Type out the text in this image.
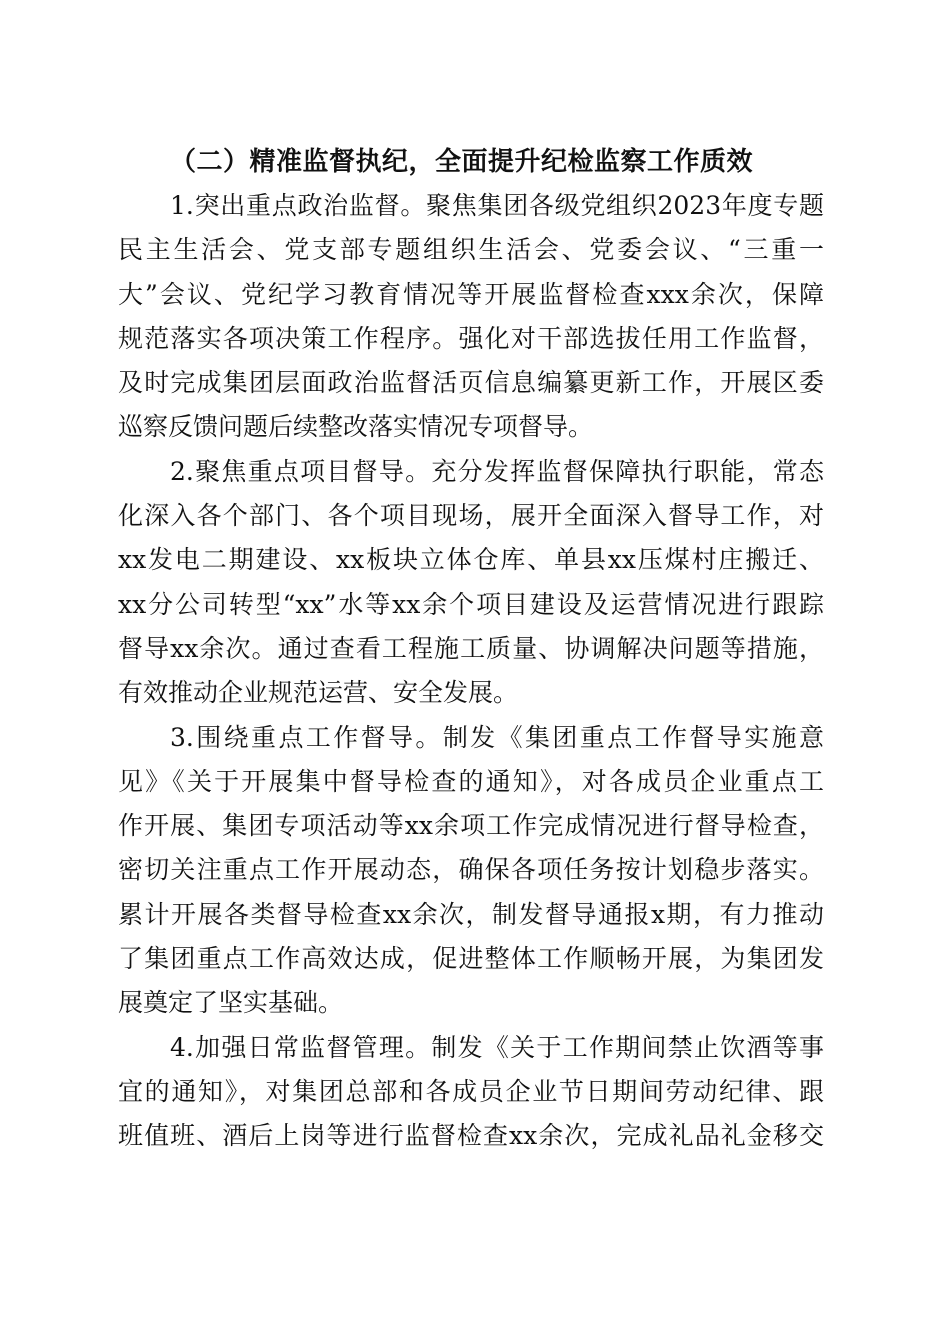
（二）精准监督执纪，全面提升纪检监察工作质效
1.突出重点政治监督。聚焦集团各级党组织2023年度专题
民主生活会、党支部专题组织生活会、党委会议、“三重一
大”会议、党纪学习教育情况等开展监督检查xxx余次，保障
规范落实各项决策工作程序。强化对干部选拔任用工作监督，
及时完成集团层面政治监督活页信息编纂更新工作，开展区委
巡察反馈问题后续整改落实情况专项督导。
2.聚焦重点项目督导。充分发挥监督保障执行职能，常态
化深入各个部门、各个项目现场，展开全面深入督导工作，对
xx发电二期建设、xx板块立体仓库、单县xx压煤村庄搬迁、
xx分公司转型“xx”水等xx余个项目建设及运营情况进行跟踪
督导xx余次。通过查看工程施工质量、协调解决问题等措施，
有效推动企业规范运营、安全发展。
3.围绕重点工作督导。制发《集团重点工作督导实施意
见》《关于开展集中督导检查的通知》，对各成员企业重点工
作开展、集团专项活动等xx余项工作完成情况进行督导检查，
密切关注重点工作开展动态，确保各项任务按计划稳步落实。
累计开展各类督导检查xx余次，制发督导通报x期，有力推动
了集团重点工作高效达成，促进整体工作顺畅开展，为集团发
展奠定了坚实基础。
4.加强日常监督管理。制发《关于工作期间禁止饮酒等事
宜的通知》，对集团总部和各成员企业节日期间劳动纪律、跟
班值班、酒后上岗等进行监督检查xx余次，完成礼品礼金移交
